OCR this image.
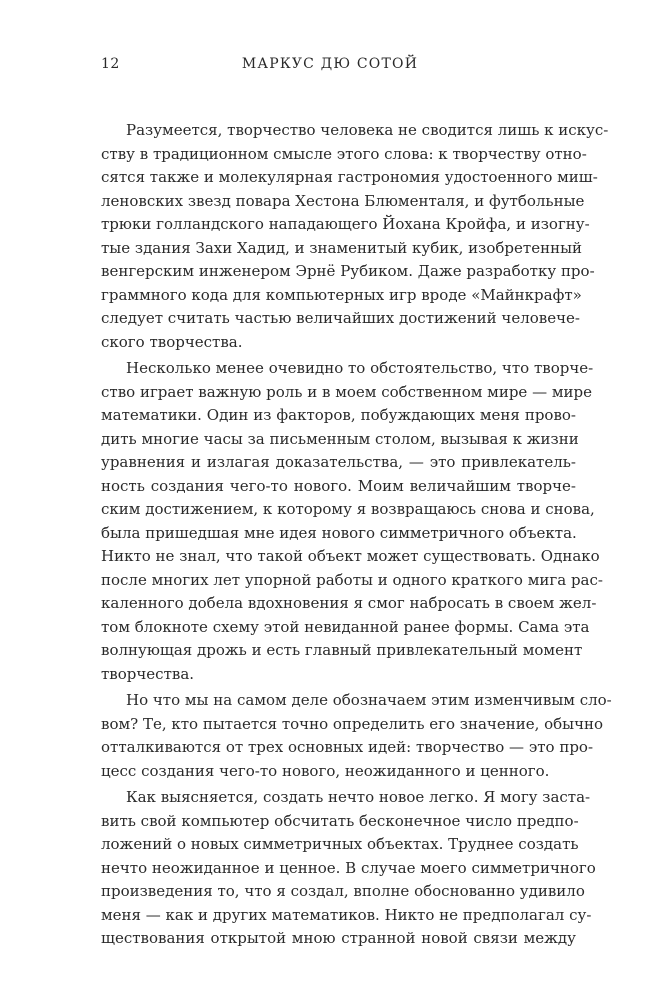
12	МАРКУС ДЮ СОТОЙ
Разумеется, творчество человека не сводится лишь к искус-
ству в традиционном смысле этого слова: к творчеству отно-
сятся также и молекулярная гастрономия удостоенного миш-
леновских звезд повара Хестона Блюменталя, и футбольные
трюки голландского нападающего Йохана Кройфа, и изогну-
тые здания Захи Хадид, и знаменитый кубик, изобретенный
венгерским инженером Эрнё Рубиком. Даже разработку про-
граммного кода для компьютерных игр вроде «Майнкрафт»
следует считать частью величайших достижений человече-
ского творчества.
Несколько менее очевидно то обстоятельство, что творче-
ство играет важную роль и в моем собственном мире — мире
математики. Один из факторов, побуждающих меня прово-
дить многие часы за письменным столом, вызывая к жизни
уравнения и излагая доказательства, — это привлекатель-
ность создания чего-то нового. Моим величайшим творче-
ским достижением, к которому я возвращаюсь снова и снова,
была пришедшая мне идея нового симметричного объекта.
Никто не знал, что такой объект может существовать. Однако
после многих лет упорной работы и одного краткого мига рас-
каленного добела вдохновения я смог набросать в своем жел-
том блокноте схему этой невиданной ранее формы. Сама эта
волнующая дрожь и есть главный привлекательный момент
творчества.
Но что мы на самом деле обозначаем этим изменчивым сло-
вом? Те, кто пытается точно определить его значение, обычно
отталкиваются от трех основных идей: творчество — это про-
цесс создания чего-то нового, неожиданного и ценного.
Как выясняется, создать нечто новое легко. Я могу заста-
вить свой компьютер обсчитать бесконечное число предпо-
ложений о новых симметричных объектах. Труднее создать
нечто неожиданное и ценное. В случае моего симметричного
произведения то, что я создал, вполне обоснованно удивило
меня — как и других математиков. Никто не предполагал су-
ществования открытой мною странной новой связи между
